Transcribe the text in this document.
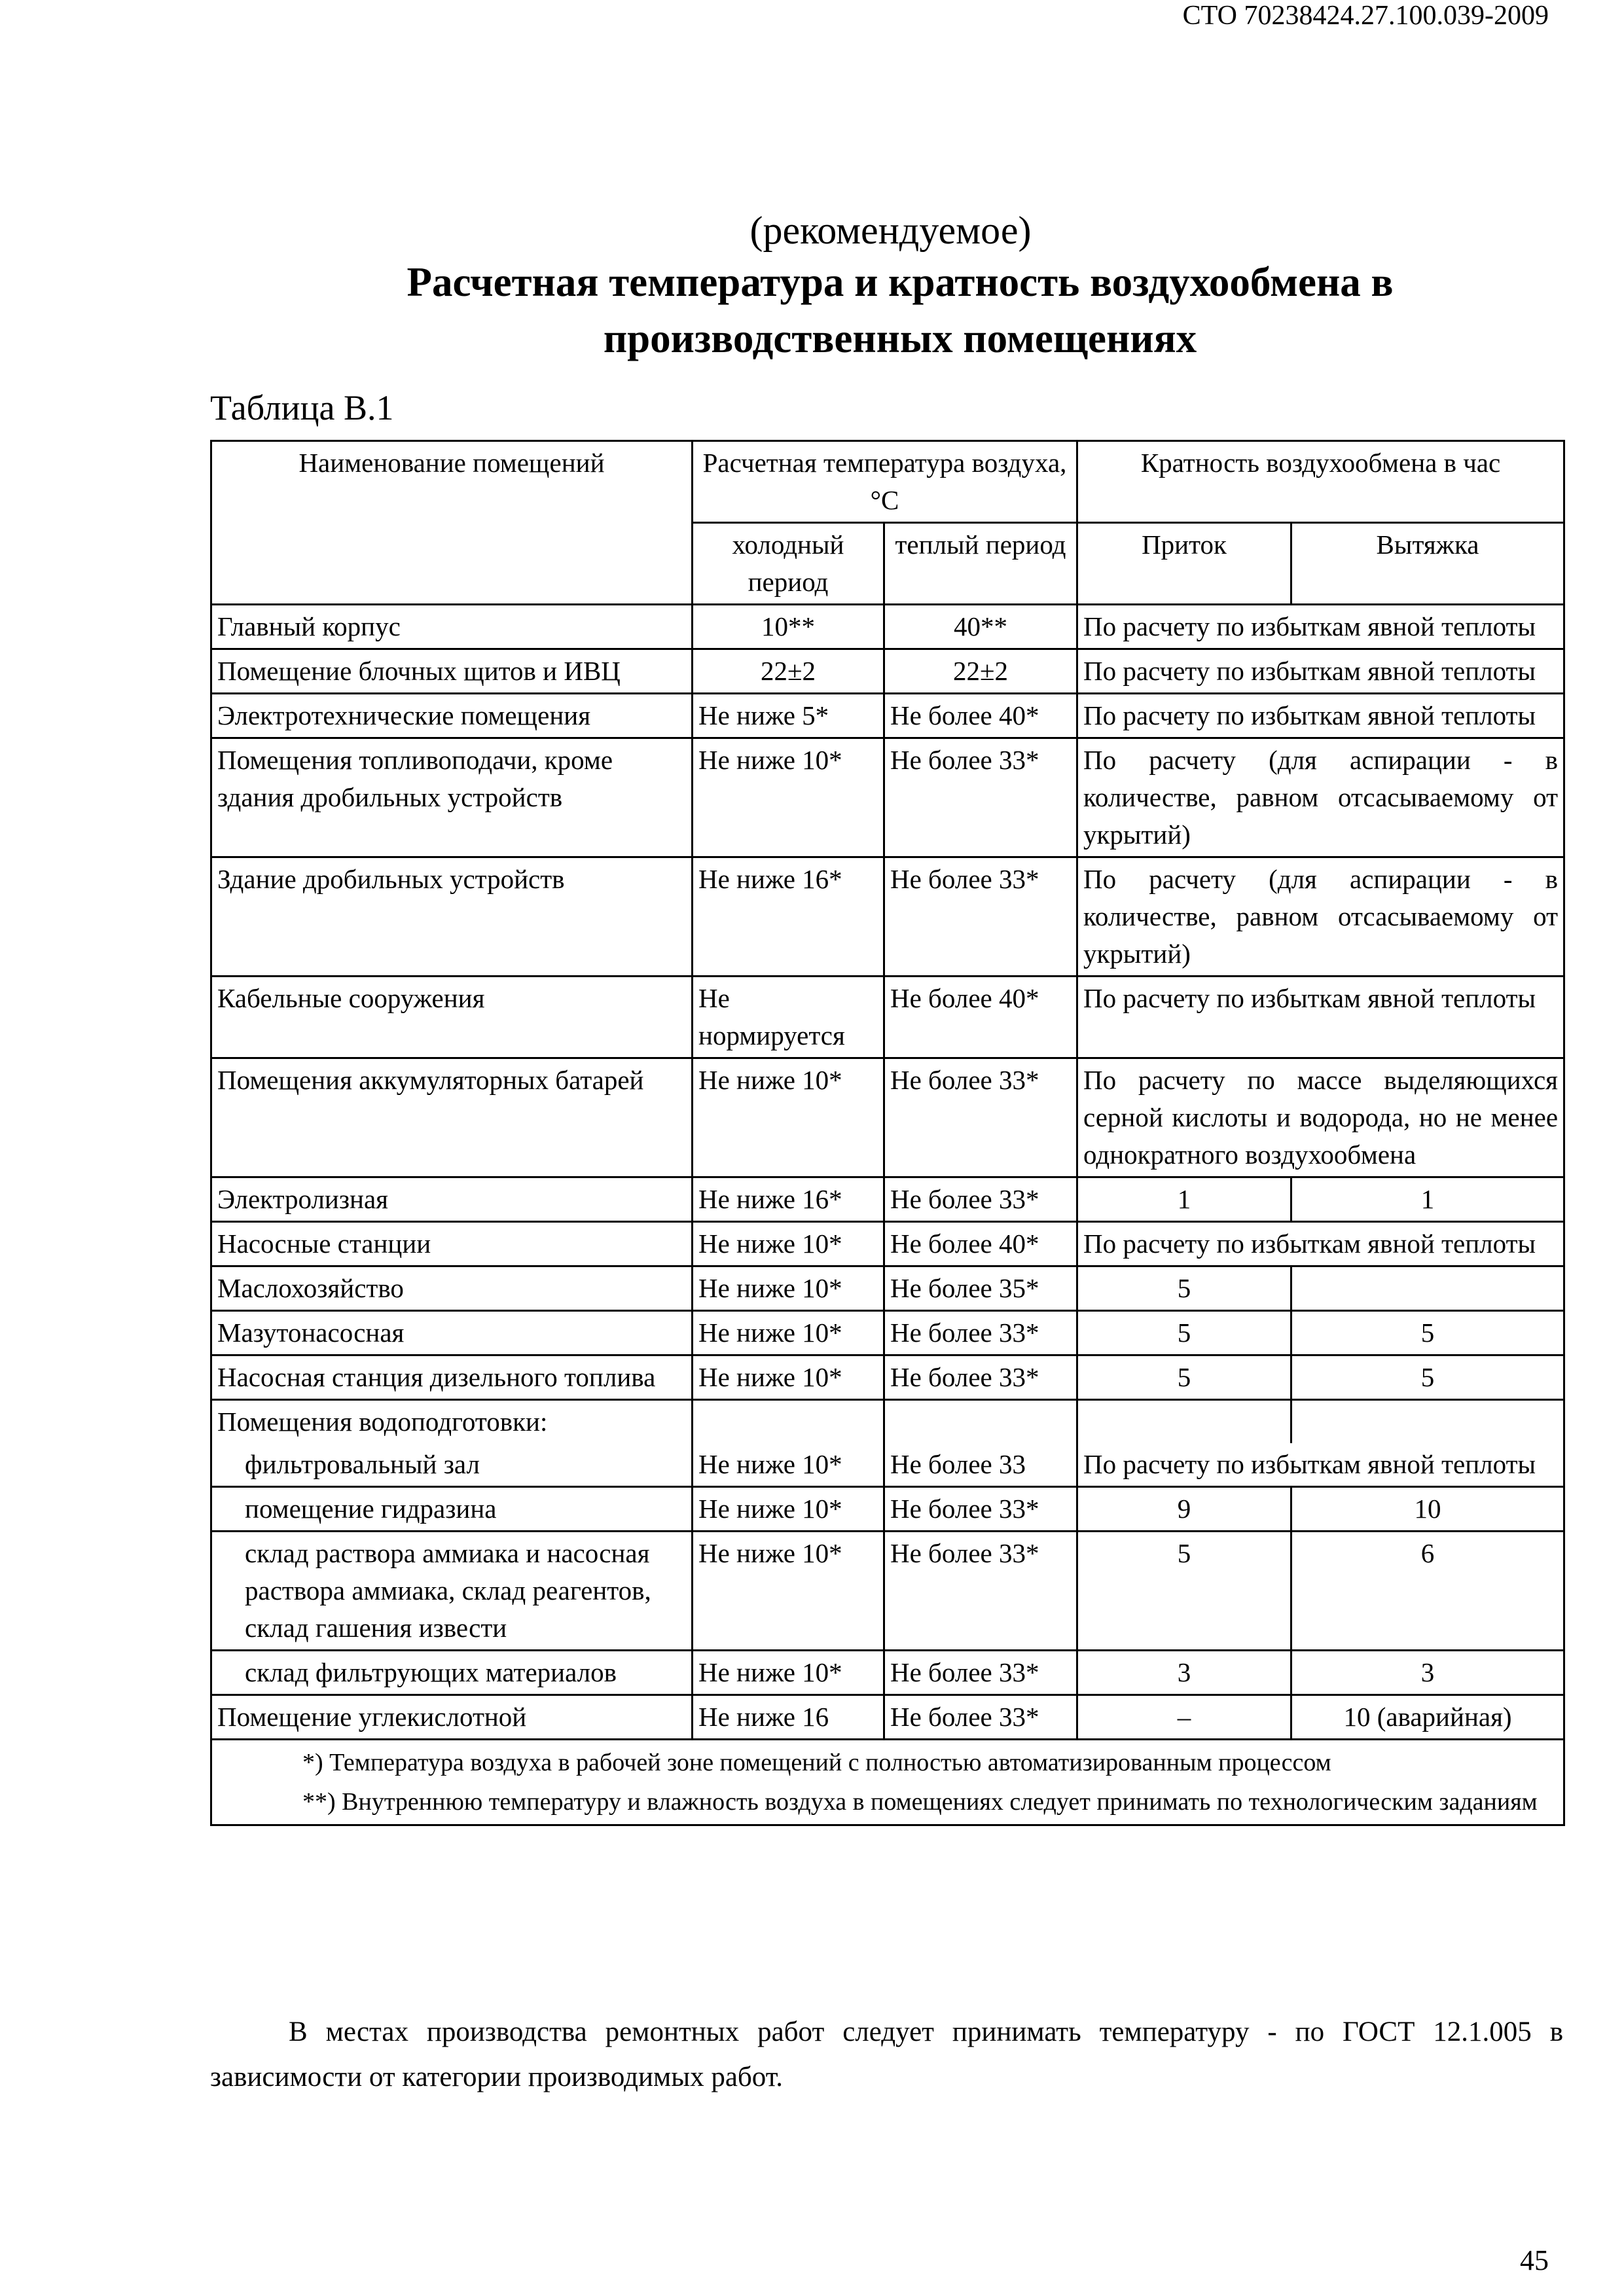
СТО 70238424.27.100.039-2009
(рекомендуемое)
Расчетная температура и кратность воздухообмена в
производственных помещениях
Таблица В.1
Наименование помещений	Расчетная температура воздуха, °С		Кратность воздухообмена в час	
	холодный период	теплый период	Приток	Вытяжка
Главный корпус	10**	40**	По расчету по избыткам явной теплоты	
Помещение блочных щитов и ИВЦ	22±2	22±2	По расчету по избыткам явной теплоты	
Электротехнические помещения	Не ниже 5*	Не более 40*	По расчету по избыткам явной теплоты	
Помещения топливоподачи, кроме здания дробильных устройств	Не ниже 10*	Не более 33*	По расчету (для аспирации - в количестве, равном отсасываемому от укрытий)	
Здание дробильных устройств	Не ниже 16*	Не более 33*	По расчету (для аспирации - в количестве, равном отсасываемому от укрытий)	
Кабельные сооружения	Не нормируется	Не более 40*	По расчету по избыткам явной теплоты	
Помещения аккумуляторных батарей	Не ниже 10*	Не более 33*	По расчету по массе выделяющихся серной кислоты и водорода, но не менее однократного воздухообмена	
Электролизная	Не ниже 16*	Не более 33*	1	1
Насосные станции	Не ниже 10*	Не более 40*	По расчету по избыткам явной теплоты	
Маслохозяйство	Не ниже 10*	Не более 35*	5	
Мазутонасосная	Не ниже 10*	Не более 33*	5	5
Насосная станция дизельного топлива	Не ниже 10*	Не более 33*	5	5
Помещения водоподготовки:				
фильтровальный зал	Не ниже 10*	Не более 33	По расчету по избыткам явной теплоты	
помещение гидразина	Не ниже 10*	Не более 33*	9	10
склад раствора аммиака и насосная раствора аммиака, склад реагентов, склад гашения извести	Не ниже 10*	Не более 33*	5	6
склад фильтрующих материалов	Не ниже 10*	Не более 33*	3	3
Помещение углекислотной	Не ниже 16	Не более 33*	–	10 (аварийная)

*) Температура воздуха в рабочей зоне помещений с полностью автоматизированным процессом
**) Внутреннюю температуру и влажность воздуха в помещениях следует принимать по технологическим заданиям				
В местах производства ремонтных работ следует принимать температуру - по ГОСТ 12.1.005 в зависимости от категории производимых работ.
45
